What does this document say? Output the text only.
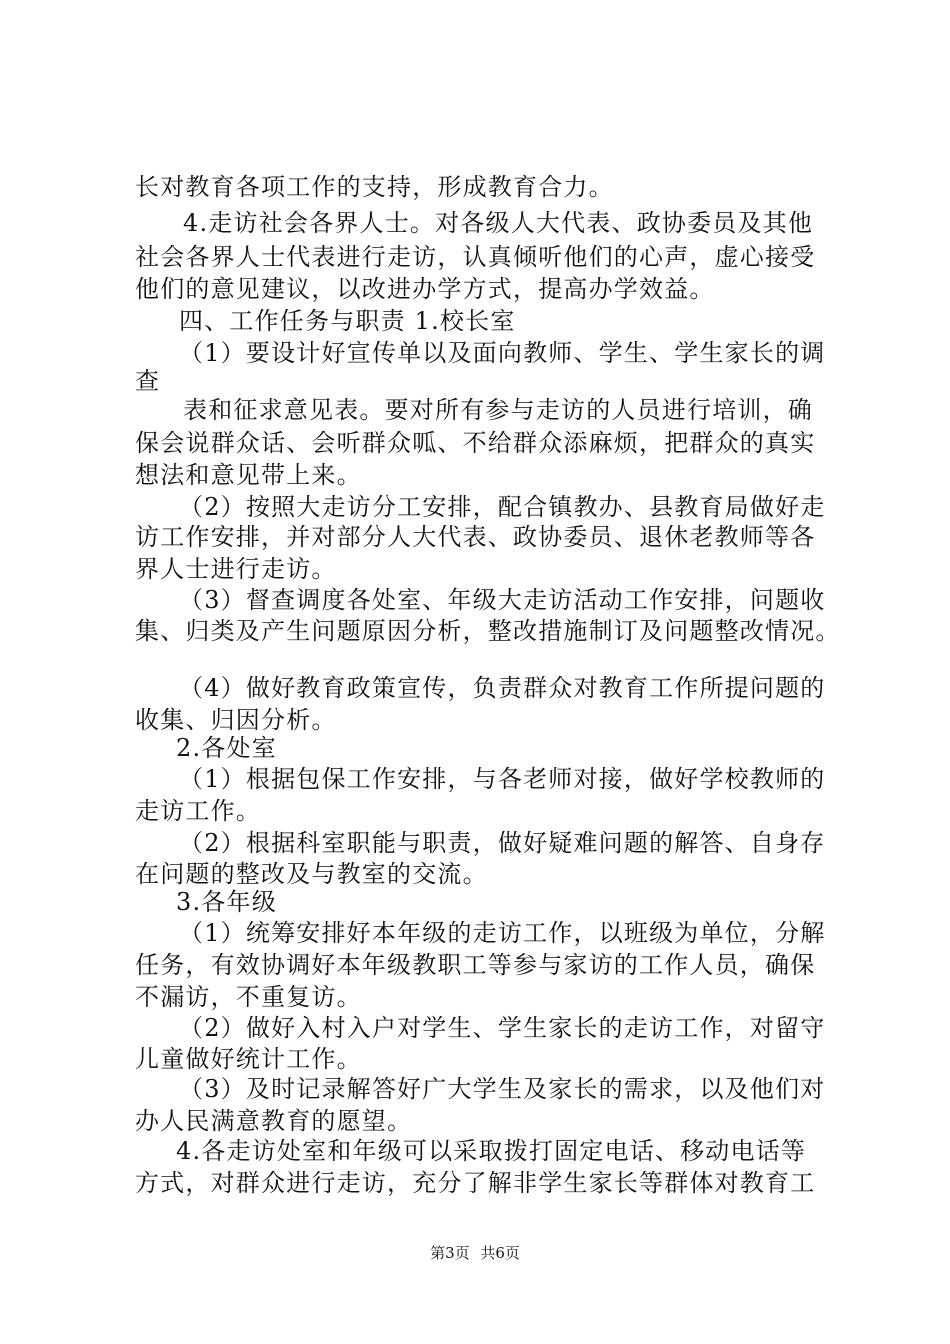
长对教育各项工作的支持，形成教育合力。
4.走访社会各界人士。对各级人大代表、政协委员及其他
社会各界人士代表进行走访，认真倾听他们的心声，虚心接受
他们的意见建议，以改进办学方式，提高办学效益。
四、工作任务与职责 1.校长室
（1）要设计好宣传单以及面向教师、学生、学生家长的调
查
表和征求意见表。要对所有参与走访的人员进行培训，确
保会说群众话、会听群众呱、不给群众添麻烦，把群众的真实
想法和意见带上来。
（2）按照大走访分工安排，配合镇教办、县教育局做好走
访工作安排，并对部分人大代表、政协委员、退休老教师等各
界人士进行走访。
（3）督查调度各处室、年级大走访活动工作安排，问题收
集、归类及产生问题原因分析，整改措施制订及问题整改情况。
（4）做好教育政策宣传，负责群众对教育工作所提问题的
收集、归因分析。
2.各处室
（1）根据包保工作安排，与各老师对接，做好学校教师的
走访工作。
（2）根据科室职能与职责，做好疑难问题的解答、自身存
在问题的整改及与教室的交流。
3.各年级
（1）统筹安排好本年级的走访工作，以班级为单位，分解
任务，有效协调好本年级教职工等参与家访的工作人员，确保
不漏访，不重复访。
（2）做好入村入户对学生、学生家长的走访工作，对留守
儿童做好统计工作。
（3）及时记录解答好广大学生及家长的需求，以及他们对
办人民满意教育的愿望。
4.各走访处室和年级可以采取拨打固定电话、移动电话等
方式，对群众进行走访，充分了解非学生家长等群体对教育工
第3页 共6页
